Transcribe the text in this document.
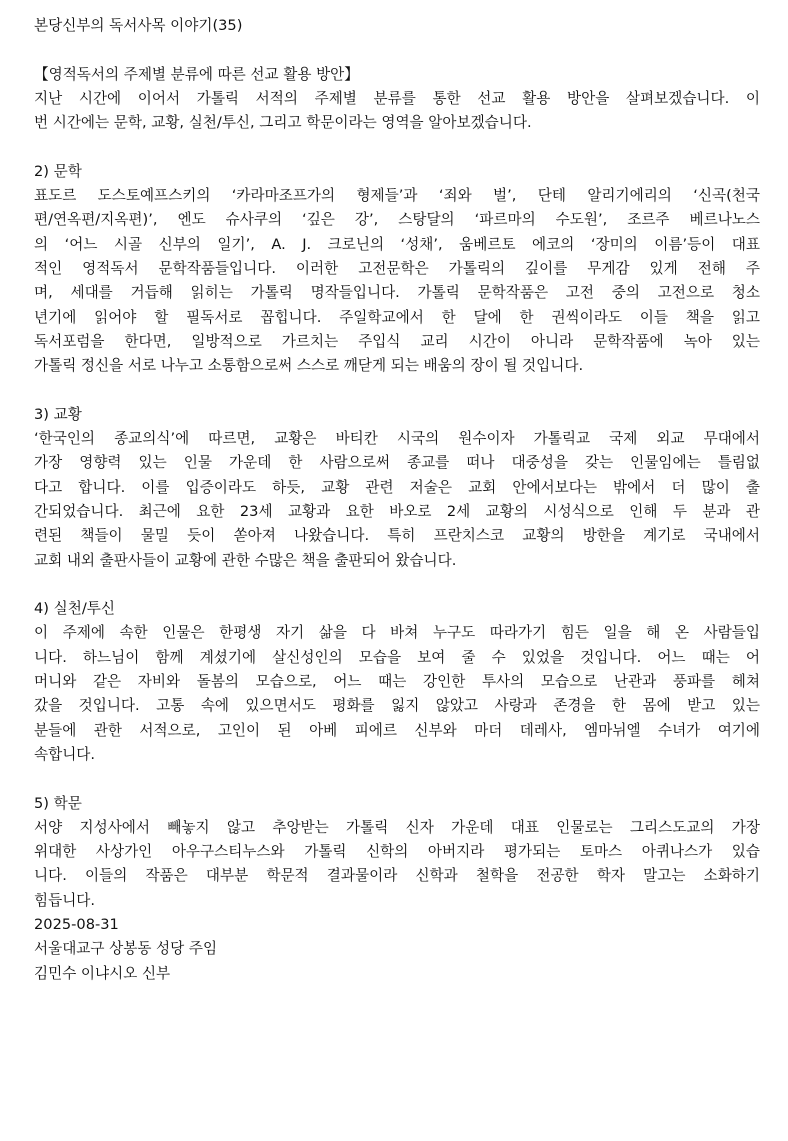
본당신부의 독서사목 이야기(35)

【영적독서의 주제별 분류에 따른 선교 활용 방안】

지난 시간에 이어서 가톨릭 서적의 주제별 분류를 통한 선교 활용 방안을 살펴보겠습니다. 이

번 시간에는 문학, 교황, 실천/투신, 그리고 학문이라는 영역을 알아보겠습니다.

2) 문학

표도르 도스토예프스키의 ‘카라마조프가의 형제들’과 ‘죄와 벌’, 단테 알리기에리의 ‘신곡(천국

편/연옥편/지옥편)’, 엔도 슈사쿠의 ‘깊은 강’, 스탕달의 ‘파르마의 수도원’, 조르주 베르나노스

의 ‘어느 시골 신부의 일기’, A. J. 크로닌의 ‘성채’, 움베르토 에코의 ‘장미의 이름’등이 대표

적인 영적독서 문학작품들입니다. 이러한 고전문학은 가톨릭의 깊이를 무게감 있게 전해 주

며, 세대를 거듭해 읽히는 가톨릭 명작들입니다. 가톨릭 문학작품은 고전 중의 고전으로 청소

년기에 읽어야 할 필독서로 꼽힙니다. 주일학교에서 한 달에 한 권씩이라도 이들 책을 읽고

독서포럼을 한다면, 일방적으로 가르치는 주입식 교리 시간이 아니라 문학작품에 녹아 있는

가톨릭 정신을 서로 나누고 소통함으로써 스스로 깨닫게 되는 배움의 장이 될 것입니다.

3) 교황

‘한국인의 종교의식’에 따르면, 교황은 바티칸 시국의 원수이자 가톨릭교 국제 외교 무대에서

가장 영향력 있는 인물 가운데 한 사람으로써 종교를 떠나 대중성을 갖는 인물임에는 틀림없

다고 합니다. 이를 입증이라도 하듯, 교황 관련 저술은 교회 안에서보다는 밖에서 더 많이 출

간되었습니다. 최근에 요한 23세 교황과 요한 바오로 2세 교황의 시성식으로 인해 두 분과 관

련된 책들이 물밀 듯이 쏟아져 나왔습니다. 특히 프란치스코 교황의 방한을 계기로 국내에서

교회 내외 출판사들이 교황에 관한 수많은 책을 출판되어 왔습니다.

4) 실천/투신

이 주제에 속한 인물은 한평생 자기 삶을 다 바쳐 누구도 따라가기 힘든 일을 해 온 사람들입

니다. 하느님이 함께 계셨기에 살신성인의 모습을 보여 줄 수 있었을 것입니다. 어느 때는 어

머니와 같은 자비와 돌봄의 모습으로, 어느 때는 강인한 투사의 모습으로 난관과 풍파를 헤쳐

갔을 것입니다. 고통 속에 있으면서도 평화를 잃지 않았고 사랑과 존경을 한 몸에 받고 있는

분들에 관한 서적으로, 고인이 된 아베 피에르 신부와 마더 데레사, 엠마뉘엘 수녀가 여기에

속합니다.

5) 학문

서양 지성사에서 빼놓지 않고 추앙받는 가톨릭 신자 가운데 대표 인물로는 그리스도교의 가장

위대한 사상가인 아우구스티누스와 가톨릭 신학의 아버지라 평가되는 토마스 아퀴나스가 있습

니다. 이들의 작품은 대부분 학문적 결과물이라 신학과 철학을 전공한 학자 말고는 소화하기

힘듭니다.

2025-08-31

서울대교구 상봉동 성당 주임

김민수 이냐시오 신부
